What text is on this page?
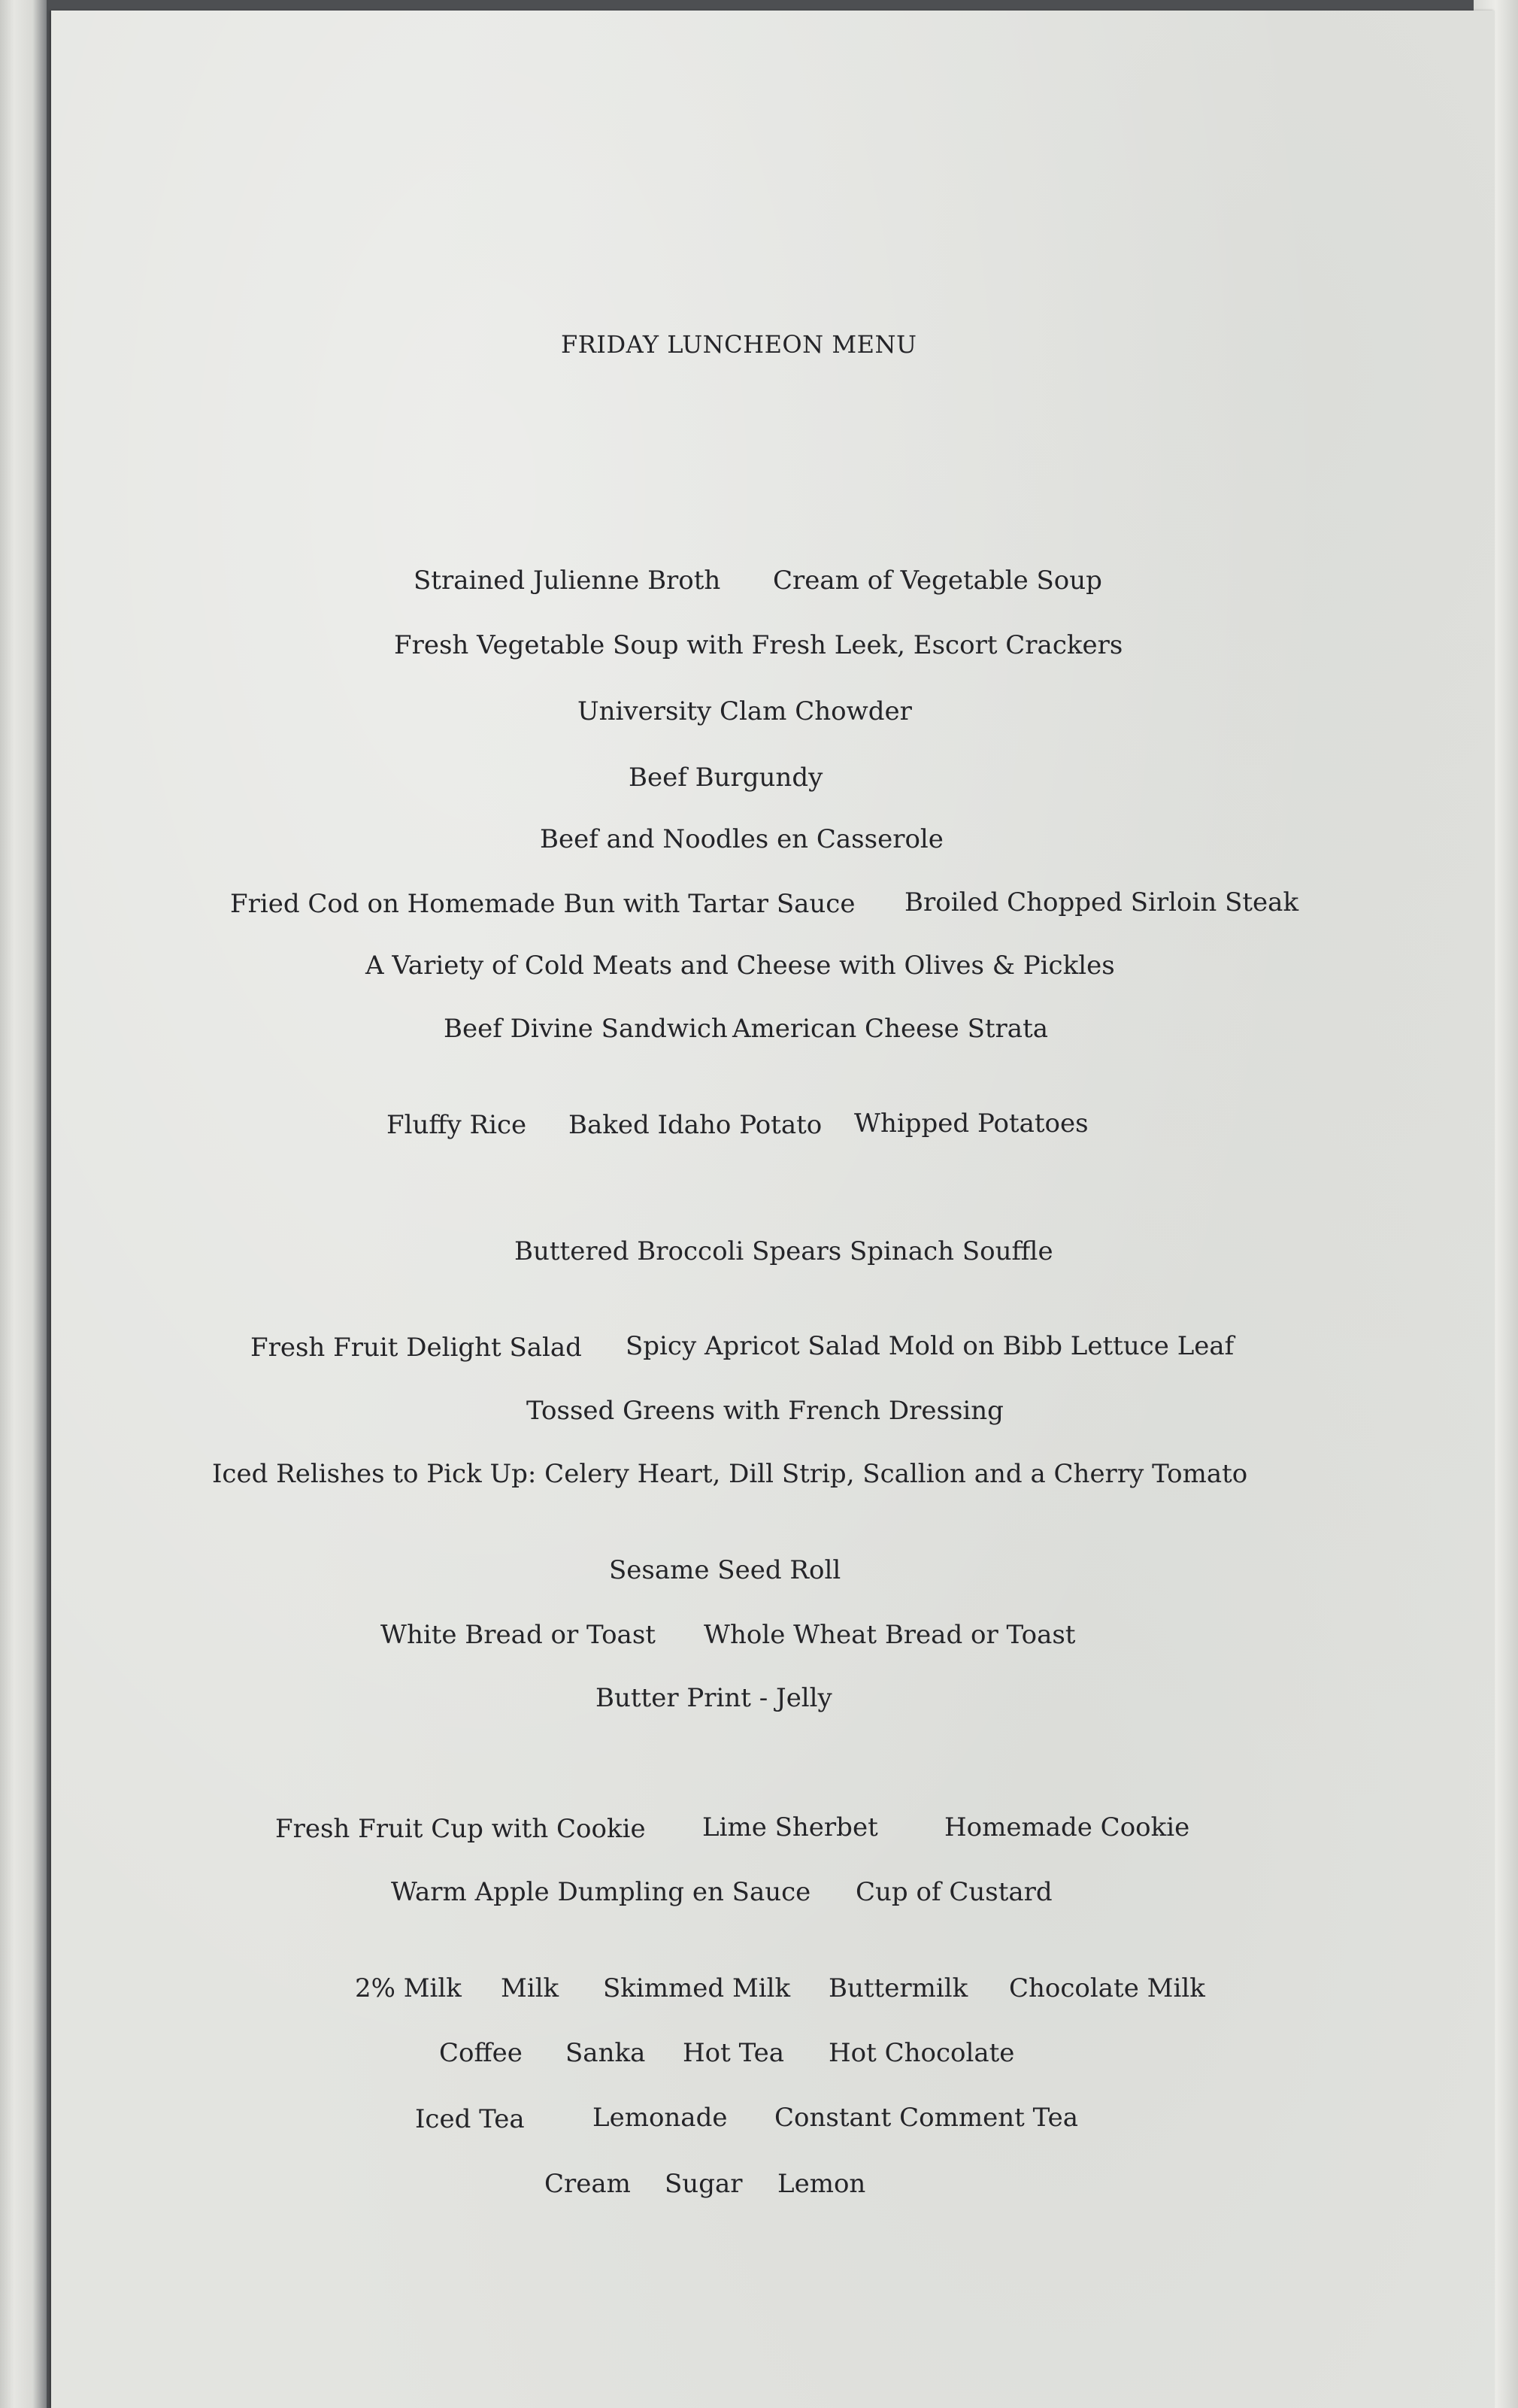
FRIDAY LUNCHEON MENU
Strained Julienne Broth Cream of Vegetable Soup
Fresh Vegetable Soup with Fresh Leek, Escort Crackers
University Clam Chowder
Beef Burgundy
Beef and Noodles en Casserole
Fried Cod on Homemade Bun with Tartar Sauce Broiled Chopped Sirloin Steak
A Variety of Cold Meats and Cheese with Olives & Pickles
Beef Divine Sandwich American Cheese Strata
Fluffy Rice Baked Idaho Potato Whipped Potatoes
Buttered Broccoli Spears Spinach Souffle
Fresh Fruit Delight Salad Spicy Apricot Salad Mold on Bibb Lettuce Leaf
Tossed Greens with French Dressing
Iced Relishes to Pick Up: Celery Heart, Dill Strip, Scallion and a Cherry Tomato
Sesame Seed Roll
White Bread or Toast Whole Wheat Bread or Toast
Butter Print - Jelly
Fresh Fruit Cup with Cookie Lime Sherbet	Homemade Cookie
Warm Apple Dumpling en Sauce Cup of Custard
2% Milk Milk Skimmed Milk Buttermilk Chocolate Milk
Coffee Sanka Hot Tea Hot Chocolate
Iced Tea	Lemonade Constant Comment Tea
Cream Sugar Lemon
